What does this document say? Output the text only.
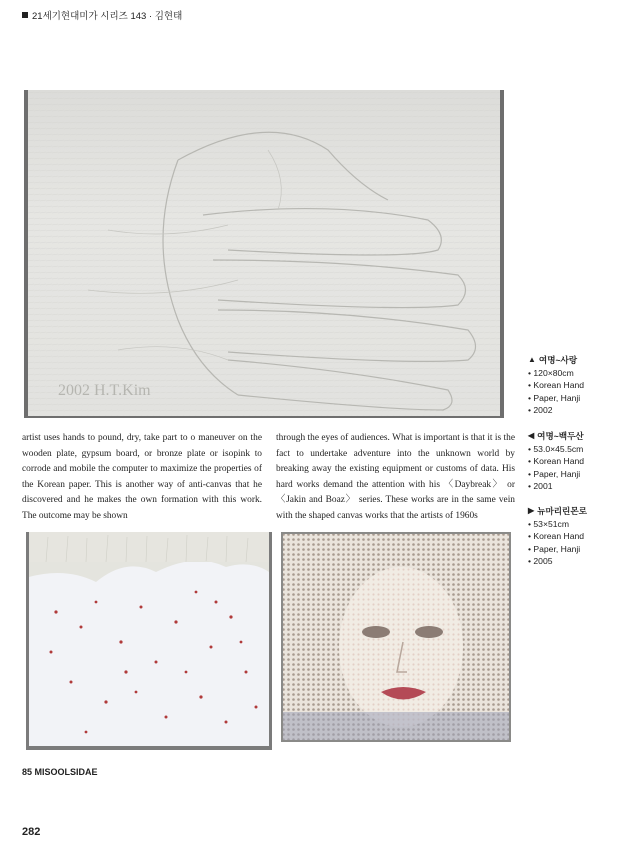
21세기현대미가 시리즈 143 · 김현태
2002 H.T.Kim
artist uses hands to pound, dry, take part to o maneuver on the wooden plate, gypsum board, or bronze plate or isopink to corrode and mobile the computer to maximize the properties of the Korean paper. This is another way of anti-canvas that he discovered and he makes the own formation with this work. The outcome may be shown
through the eyes of audiences. What is important is that it is the fact to undertake adventure into the unknown world by breaking away the existing equipment or customs of data. His hard works demand the attention with his 〈Daybreak〉 or 〈Jakin and Boaz〉 series. These works are in the same vein with the shaped canvas works that the artists of 1960s
▲ 여명~사랑
• 120×80cm
• Korean Hand
• Paper, Hanji
• 2002
◀ 여명~백두산
• 53.0×45.5cm
• Korean Hand
• Paper, Hanji
• 2001
▶ 뉴마리린몬로
• 53×51cm
• Korean Hand
• Paper, Hanji
• 2005
85 MISOOLSIDAE
282
